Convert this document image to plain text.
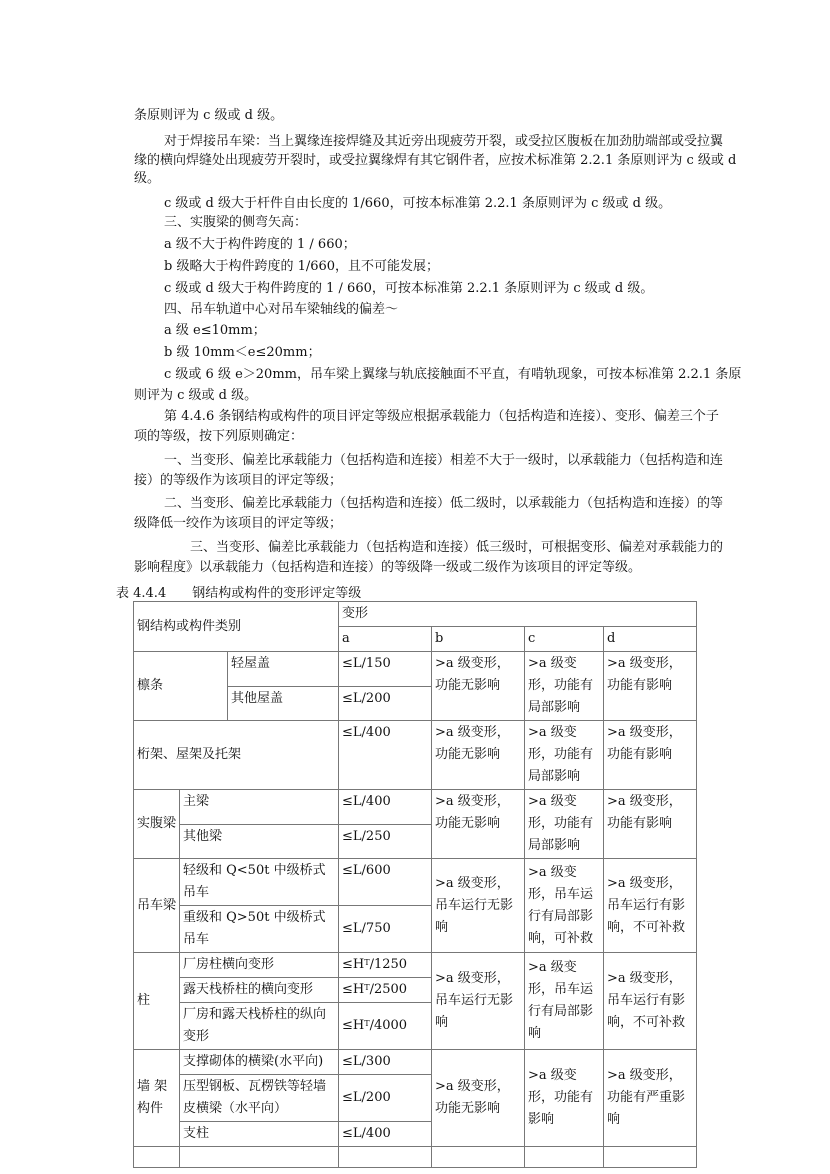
条原则评为 c 级或 d 级。
对于焊接吊车梁：当上翼缘连接焊缝及其近旁出现疲劳开裂，或受拉区腹板在加劲肋端部或受拉翼
缘的横向焊缝处出现疲劳开裂时，或受拉翼缘焊有其它钢件者，应按术标准第 2.2.1 条原则评为 c 级或 d
级。
c 级或 d 级大于杆件自由长度的 1/660，可按本标准第 2.2.1 条原则评为 c 级或 d 级。
三、实腹梁的侧弯矢高：
a 级不大于构件跨度的 1 / 660；
b 级略大于构件跨度的 1/660，且不可能发展；
c 级或 d 级大于构件跨度的 1 / 660，可按本标准第 2.2.1 条原则评为 c 级或 d 级。
四、吊车轨道中心对吊车梁轴线的偏差～
a 级 e≤10mm；
b 级 10mm＜e≤20mm；
c 级或 6 级 e＞20mm，吊车梁上翼缘与轨底接触面不平直，有啃轨现象，可按本标准第 2.2.1 条原
则评为 c 级或 d 级。
第 4.4.6 条钢结构或构件的项目评定等级应根据承载能力（包括构造和连接）、变形、偏差三个子
项的等级，按下列原则确定：
一、当变形、偏差比承载能力（包括构造和连接）相差不大于一级时，以承载能力（包括构造和连
接）的等级作为该项目的评定等级；
二、当变形、偏差比承载能力（包括构造和连接）低二级时，以承载能力（包括构造和连接）的等
级降低一绞作为该项目的评定等级；
三、当变形、偏差比承载能力（包括构造和连接）低三级时，可根据变形、偏差对承载能力的
影响程度》以承载能力（包括构造和连接）的等级降一级或二级作为该项目的评定等级。
表 4.4.4 钢结构或构件的变形评定等级
钢结构或构件类别			变形			
			a	b	c	d
檩条		轻屋盖	≤L/150	>a 级变形，功能无影响	>a 级变形，功能有局部影响	>a 级变形，功能有影响
		其他屋盖	≤L/200			
桁架、屋架及托架			≤L/400	>a 级变形，功能无影响	>a 级变形，功能有局部影响	>a 级变形，功能有影响
实腹梁	主梁		≤L/400	>a 级变形，功能无影响	>a 级变形，功能有局部影响	>a 级变形，功能有影响
	其他梁		≤L/250			
吊车梁	轻级和 Q<50t 中级桥式吊车		≤L/600	>a 级变形，吊车运行无影响	>a 级变形，吊车运行有局部影响，可补救	>a 级变形，吊车运行有影响，不可补救
	重级和 Q>50t 中级桥式吊车		≤L/750			
柱	厂房柱横向变形		$\le H^T/1250$	>a 级变形，吊车运行无影响	>a 级变形，吊车运行有局部影响	>a 级变形，吊车运行有影响，不可补救
	露天栈桥柱的横向变形		$\le H^T/2500$			
	厂房和露天栈桥柱的纵向变形		$\le H^T/4000$			
墙 架 构件	支撑砌体的横梁(水平向)		≤L/300	>a 级变形，功能无影响	>a 级变形，功能有影响	>a 级变形，功能有严重影响
	压型钢板、瓦楞铁等轻墙皮横梁（水平向）		≤L/200			
	支柱		≤L/400			
